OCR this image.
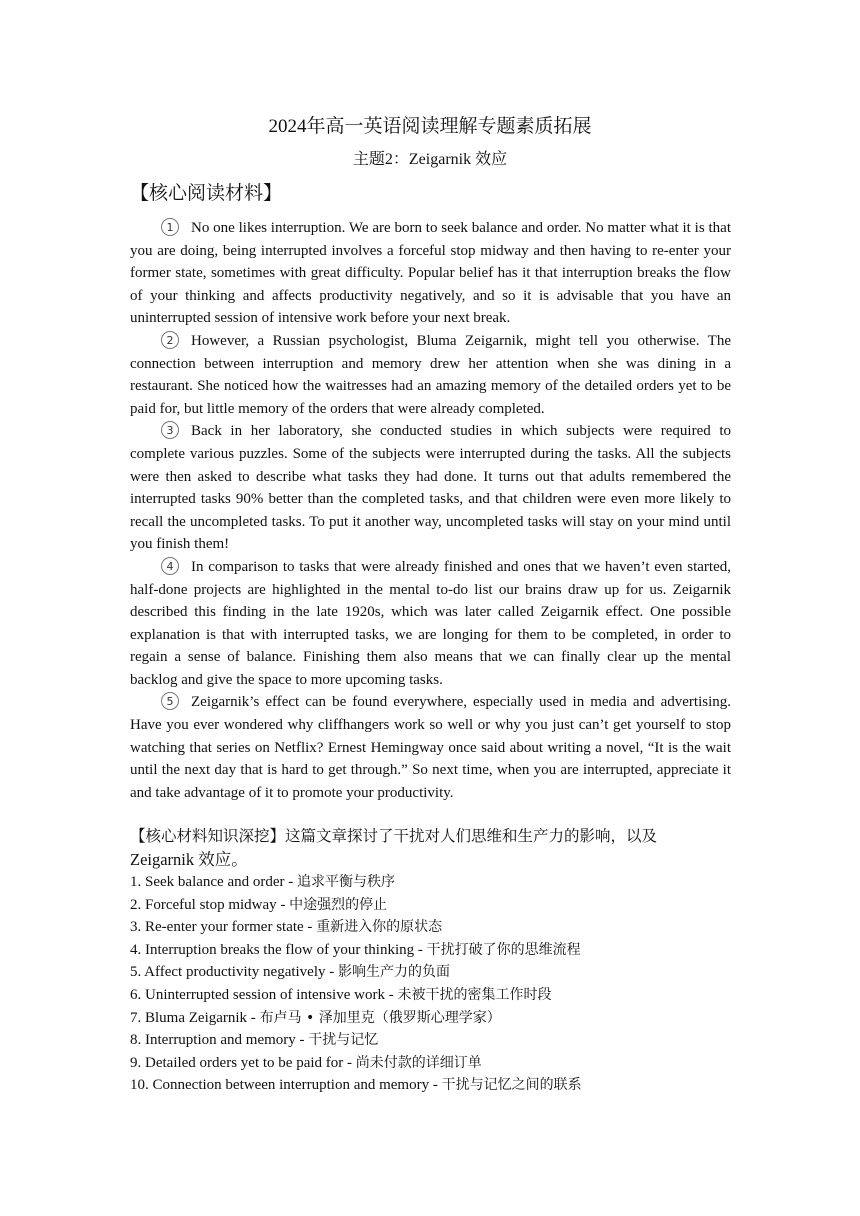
2024年高一英语阅读理解专题素质拓展
主题2：Zeigarnik 效应
【核心阅读材料】

1 No one likes interruption. We are born to seek balance and order. No matter what it is that you are doing, being interrupted involves a forceful stop midway and then having to re-enter your former state, sometimes with great difficulty. Popular belief has it that interruption breaks the flow of your thinking and affects productivity negatively, and so it is advisable that you have an uninterrupted session of intensive work before your next break.

2 However, a Russian psychologist, Bluma Zeigarnik, might tell you otherwise. The connection between interruption and memory drew her attention when she was dining in a restaurant. She noticed how the waitresses had an amazing memory of the detailed orders yet to be paid for, but little memory of the orders that were already completed.

3 Back in her laboratory, she conducted studies in which subjects were required to complete various puzzles. Some of the subjects were interrupted during the tasks. All the subjects were then asked to describe what tasks they had done. It turns out that adults remembered the interrupted tasks 90% better than the completed tasks, and that children were even more likely to recall the uncompleted tasks. To put it another way, uncompleted tasks will stay on your mind until you finish them!

4 In comparison to tasks that were already finished and ones that we haven’t even started, half-done projects are highlighted in the mental to-do list our brains draw up for us. Zeigarnik described this finding in the late 1920s, which was later called Zeigarnik effect. One possible explanation is that with interrupted tasks, we are longing for them to be completed, in order to regain a sense of balance. Finishing them also means that we can finally clear up the mental backlog and give the space to more upcoming tasks.

5 Zeigarnik’s effect can be found everywhere, especially used in media and advertising. Have you ever wondered why cliffhangers work so well or why you just can’t get yourself to stop watching that series on Netflix? Ernest Hemingway once said about writing a novel, “It is the wait until the next day that is hard to get through.” So next time, when you are interrupted, appreciate it and take advantage of it to promote your productivity.

【核心材料知识深挖】这篇文章探讨了干扰对人们思维和生产力的影响，以及
Zeigarnik 效应。
1. Seek balance and order - 追求平衡与秩序
2. Forceful stop midway - 中途强烈的停止
3. Re-enter your former state - 重新进入你的原状态
4. Interruption breaks the flow of your thinking - 干扰打破了你的思维流程
5. Affect productivity negatively - 影响生产力的负面
6. Uninterrupted session of intensive work - 未被干扰的密集工作时段
7. Bluma Zeigarnik - 布卢马 • 泽加里克（俄罗斯心理学家）
8. Interruption and memory - 干扰与记忆
9. Detailed orders yet to be paid for - 尚未付款的详细订单
10. Connection between interruption and memory - 干扰与记忆之间的联系
